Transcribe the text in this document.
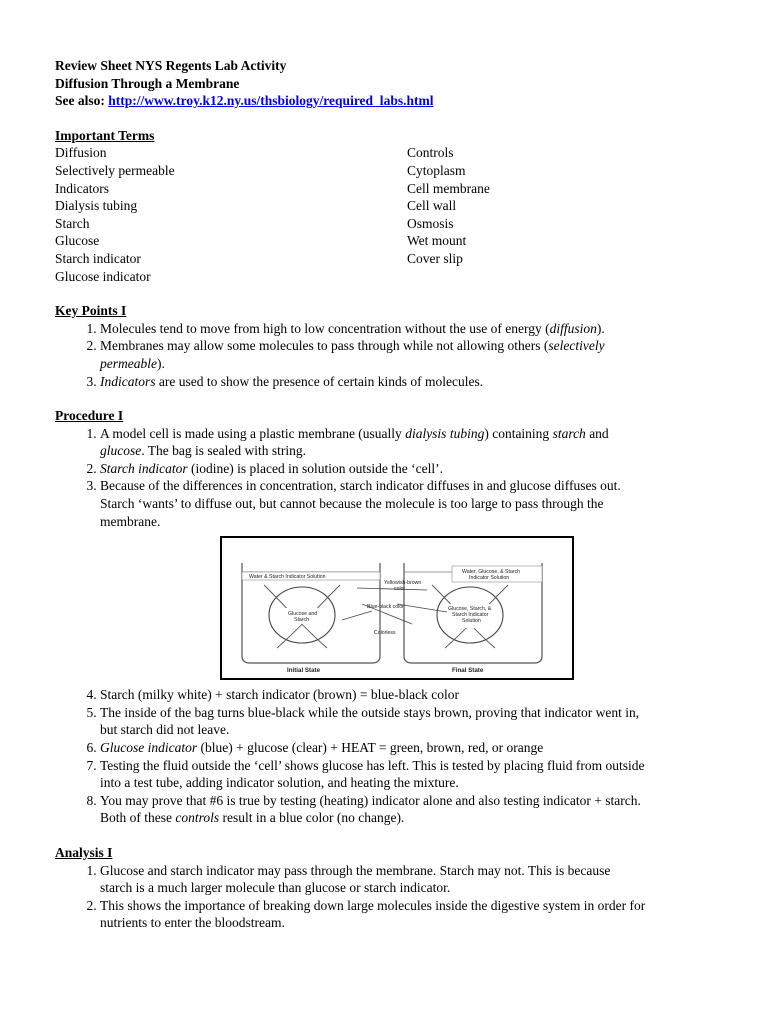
Review Sheet NYS Regents Lab Activity
Diffusion Through a Membrane
See also: http://www.troy.k12.ny.us/thsbiology/required_labs.html
Important Terms
Diffusion
Selectively permeable
Indicators
Dialysis tubing
Starch
Glucose
Starch indicator
Glucose indicator
Controls
Cytoplasm
Cell membrane
Cell wall
Osmosis
Wet mount
Cover slip
Key Points I
1. Molecules tend to move from high to low concentration without the use of energy (diffusion).
2. Membranes may allow some molecules to pass through while not allowing others (selectively
permeable).
3. Indicators are used to show the presence of certain kinds of molecules.
Procedure I
1. A model cell is made using a plastic membrane (usually dialysis tubing) containing starch and
glucose. The bag is sealed with string.
2. Starch indicator (iodine) is placed in solution outside the ‘cell’.
3. Because of the differences in concentration, starch indicator diffuses in and glucose diffuses out.
Starch ‘wants’ to diffuse out, but cannot because the molecule is too large to pass through the
membrane.
Water & Starch Indicator Solution
Glucose and
Starch
Water, Glucose, & Starch
Indicator Solution
Glucose, Starch, &
Starch Indicator
Solution
Yellowish-brown
color
Blue-black color
Colorless
Initial State	Final State
4. Starch (milky white) + starch indicator (brown) = blue-black color
5. The inside of the bag turns blue-black while the outside stays brown, proving that indicator went in,
but starch did not leave.
6. Glucose indicator (blue) + glucose (clear) + HEAT = green, brown, red, or orange
7. Testing the fluid outside the ‘cell’ shows glucose has left. This is tested by placing fluid from outside
into a test tube, adding indicator solution, and heating the mixture.
8. You may prove that #6 is true by testing (heating) indicator alone and also testing indicator + starch.
Both of these controls result in a blue color (no change).
Analysis I
1. Glucose and starch indicator may pass through the membrane. Starch may not. This is because
starch is a much larger molecule than glucose or starch indicator.
2. This shows the importance of breaking down large molecules inside the digestive system in order for
nutrients to enter the bloodstream.
